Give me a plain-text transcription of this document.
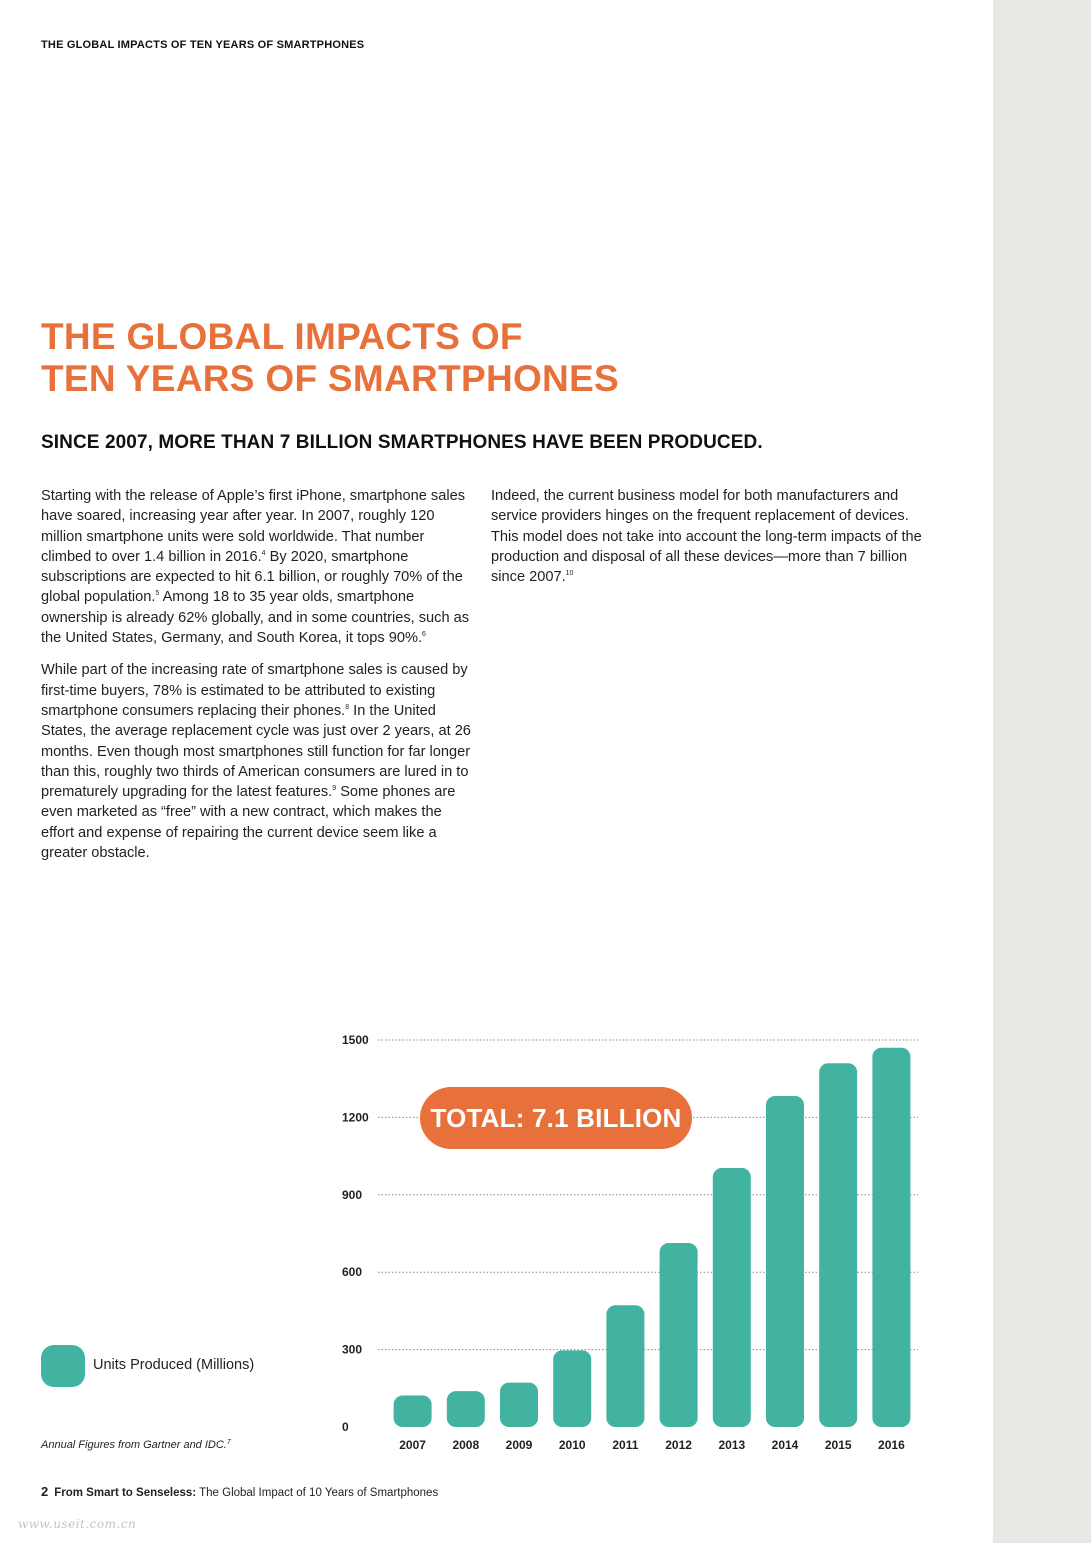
THE GLOBAL IMPACTS OF TEN YEARS OF SMARTPHONES
THE GLOBAL IMPACTS OF
TEN YEARS OF SMARTPHONES
SINCE 2007, MORE THAN 7 BILLION SMARTPHONES HAVE BEEN PRODUCED.

Starting with the release of Apple’s first iPhone, smartphone sales have soared, increasing year after year. In 2007, roughly 120 million smartphone units were sold worldwide. That number climbed to over 1.4 billion in 2016.$^4$ By 2020, smartphone subscriptions are expected to hit 6.1 billion, or roughly 70% of the global population.$^5$ Among 18 to 35 year olds, smartphone ownership is already 62% globally, and in some countries, such as the United States, Germany, and South Korea, it tops 90%.$^6$

While part of the increasing rate of smartphone sales is caused by first-time buyers, 78% is estimated to be attributed to existing smartphone consumers replacing their phones.$^8$ In the United States, the average replacement cycle was just over 2 years, at 26 months. Even though most smartphones still function for far longer than this, roughly two thirds of American consumers are lured in to prematurely upgrading for the latest features.$^9$ Some phones are even marketed as “free” with a new contract, which makes the effort and expense of repairing the current device seem like a greater obstacle.

Indeed, the current business model for both manufacturers and service providers hinges on the frequent replacement of devices. This model does not take into account the long-term impacts of the production and disposal of all these devices—more than 7 billion since 2007.10

Units Produced (Millions)
Annual Figures from Gartner and IDC.$^7$
0
300
600
900
1200
1500
2007 2008 2009 2010 2011 2012 2013 2014 2015 2016
TOTAL: 7.1 BILLION
2 From Smart to Senseless: The Global Impact of 10 Years of Smartphones
www.useit.com.cn
